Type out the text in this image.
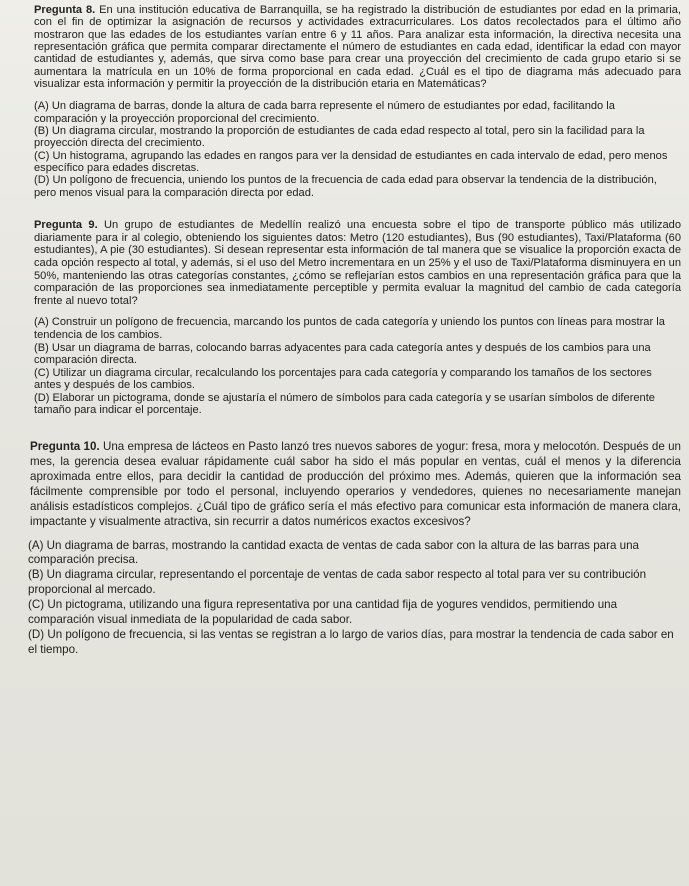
Pregunta 8. En una institución educativa de Barranquilla, se ha registrado la distribución de estudiantes por edad en la primaria, con el fin de optimizar la asignación de recursos y actividades extracurriculares. Los datos recolectados para el último año mostraron que las edades de los estudiantes varían entre 6 y 11 años. Para analizar esta información, la directiva necesita una representación gráfica que permita comparar directamente el número de estudiantes en cada edad, identificar la edad con mayor cantidad de estudiantes y, además, que sirva como base para crear una proyección del crecimiento de cada grupo etario si se aumentara la matrícula en un 10% de forma proporcional en cada edad. ¿Cuál es el tipo de diagrama más adecuado para visualizar esta información y permitir la proyección de la distribución etaria en Matemáticas?

(A) Un diagrama de barras, donde la altura de cada barra represente el número de estudiantes por edad, facilitando la comparación y la proyección proporcional del crecimiento.

(B) Un diagrama circular, mostrando la proporción de estudiantes de cada edad respecto al total, pero sin la facilidad para la proyección directa del crecimiento.

(C) Un histograma, agrupando las edades en rangos para ver la densidad de estudiantes en cada intervalo de edad, pero menos específico para edades discretas.

(D) Un polígono de frecuencia, uniendo los puntos de la frecuencia de cada edad para observar la tendencia de la distribución, pero menos visual para la comparación directa por edad.

Pregunta 9. Un grupo de estudiantes de Medellín realizó una encuesta sobre el tipo de transporte público más utilizado diariamente para ir al colegio, obteniendo los siguientes datos: Metro (120 estudiantes), Bus (90 estudiantes), Taxi/Plataforma (60 estudiantes), A pie (30 estudiantes). Si desean representar esta información de tal manera que se visualice la proporción exacta de cada opción respecto al total, y además, si el uso del Metro incrementara en un 25% y el uso de Taxi/Plataforma disminuyera en un 50%, manteniendo las otras categorías constantes, ¿cómo se reflejarían estos cambios en una representación gráfica para que la comparación de las proporciones sea inmediatamente perceptible y permita evaluar la magnitud del cambio de cada categoría frente al nuevo total?

(A) Construir un polígono de frecuencia, marcando los puntos de cada categoría y uniendo los puntos con líneas para mostrar la tendencia de los cambios.

(B) Usar un diagrama de barras, colocando barras adyacentes para cada categoría antes y después de los cambios para una comparación directa.

(C) Utilizar un diagrama circular, recalculando los porcentajes para cada categoría y comparando los tamaños de los sectores antes y después de los cambios.

(D) Elaborar un pictograma, donde se ajustaría el número de símbolos para cada categoría y se usarían símbolos de diferente tamaño para indicar el porcentaje.

Pregunta 10. Una empresa de lácteos en Pasto lanzó tres nuevos sabores de yogur: fresa, mora y melocotón. Después de un mes, la gerencia desea evaluar rápidamente cuál sabor ha sido el más popular en ventas, cuál el menos y la diferencia aproximada entre ellos, para decidir la cantidad de producción del próximo mes. Además, quieren que la información sea fácilmente comprensible por todo el personal, incluyendo operarios y vendedores, quienes no necesariamente manejan análisis estadísticos complejos. ¿Cuál tipo de gráfico sería el más efectivo para comunicar esta información de manera clara, impactante y visualmente atractiva, sin recurrir a datos numéricos exactos excesivos?

(A) Un diagrama de barras, mostrando la cantidad exacta de ventas de cada sabor con la altura de las barras para una comparación precisa.

(B) Un diagrama circular, representando el porcentaje de ventas de cada sabor respecto al total para ver su contribución proporcional al mercado.

(C) Un pictograma, utilizando una figura representativa por una cantidad fija de yogures vendidos, permitiendo una comparación visual inmediata de la popularidad de cada sabor.

(D) Un polígono de frecuencia, si las ventas se registran a lo largo de varios días, para mostrar la tendencia de cada sabor en el tiempo.
